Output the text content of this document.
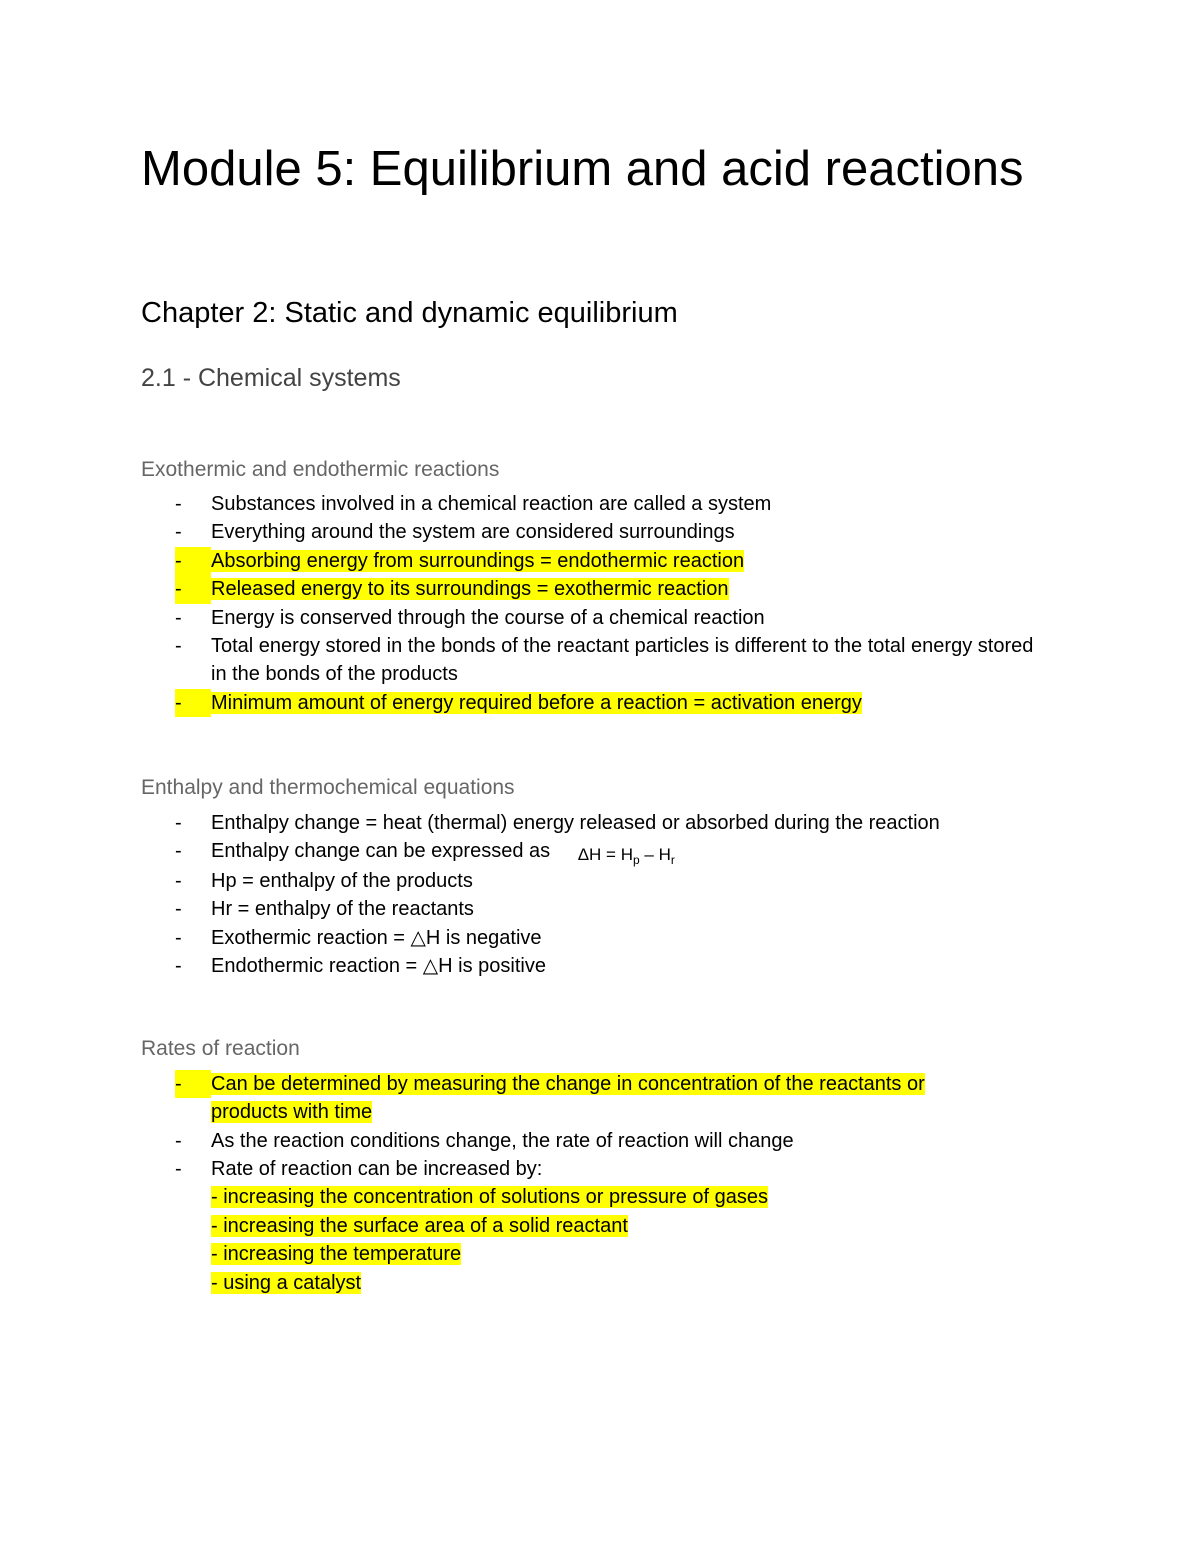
Module 5: Equilibrium and acid reactions
Chapter 2: Static and dynamic equilibrium
2.1 - Chemical systems
Exothermic and endothermic reactions
-	Substances involved in a chemical reaction are called a system
-	Everything around the system are considered surroundings
-	Absorbing energy from surroundings = endothermic reaction
-	Released energy to its surroundings = exothermic reaction
-	Energy is conserved through the course of a chemical reaction
-	Total energy stored in the bonds of the reactant particles is different to the total energy stored in the bonds of the products
-	Minimum amount of energy required before a reaction = activation energy
Enthalpy and thermochemical equations
-	Enthalpy change = heat (thermal) energy released or absorbed during the reaction
-	Enthalpy change can be expressed as $\Delta H = H_p - H_r$
-	Hp = enthalpy of the products
-	Hr = enthalpy of the reactants
-	Exothermic reaction = △H is negative
-	Endothermic reaction = △H is positive
Rates of reaction
-	Can be determined by measuring the change in concentration of the reactants or products with time
-	As the reaction conditions change, the rate of reaction will change
-	Rate of reaction can be increased by:
- increasing the concentration of solutions or pressure of gases
- increasing the surface area of a solid reactant
- increasing the temperature
- using a catalyst
